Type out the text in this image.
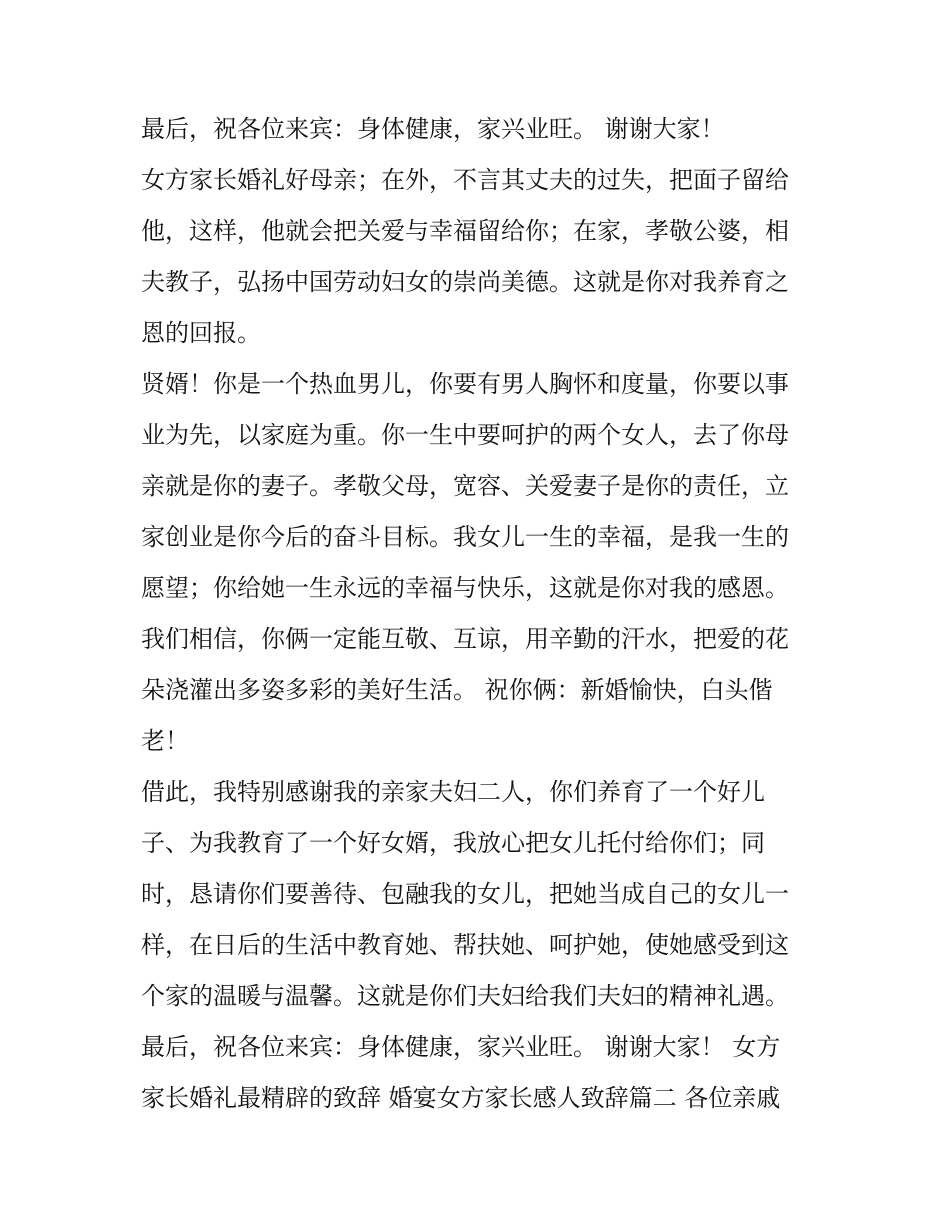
最后，祝各位来宾：身体健康，家兴业旺。 谢谢大家！
女方家长婚礼好母亲；在外，不言其丈夫的过失，把面子留给
他，这样，他就会把关爱与幸福留给你；在家，孝敬公婆，相
夫教子，弘扬中国劳动妇女的崇尚美德。这就是你对我养育之
恩的回报。
贤婿！你是一个热血男儿，你要有男人胸怀和度量，你要以事
业为先，以家庭为重。你一生中要呵护的两个女人，去了你母
亲就是你的妻子。孝敬父母，宽容、关爱妻子是你的责任，立
家创业是你今后的奋斗目标。我女儿一生的幸福，是我一生的
愿望；你给她一生永远的幸福与快乐，这就是你对我的感恩。
我们相信，你俩一定能互敬、互谅，用辛勤的汗水，把爱的花
朵浇灌出多姿多彩的美好生活。 祝你俩：新婚愉快，白头偕
老！
借此，我特别感谢我的亲家夫妇二人，你们养育了一个好儿
子、为我教育了一个好女婿，我放心把女儿托付给你们；同
时，恳请你们要善待、包融我的女儿，把她当成自己的女儿一
样，在日后的生活中教育她、帮扶她、呵护她，使她感受到这
个家的温暖与温馨。这就是你们夫妇给我们夫妇的精神礼遇。
最后，祝各位来宾：身体健康，家兴业旺。 谢谢大家！ 女方
家长婚礼最精辟的致辞 婚宴女方家长感人致辞篇二 各位亲戚
